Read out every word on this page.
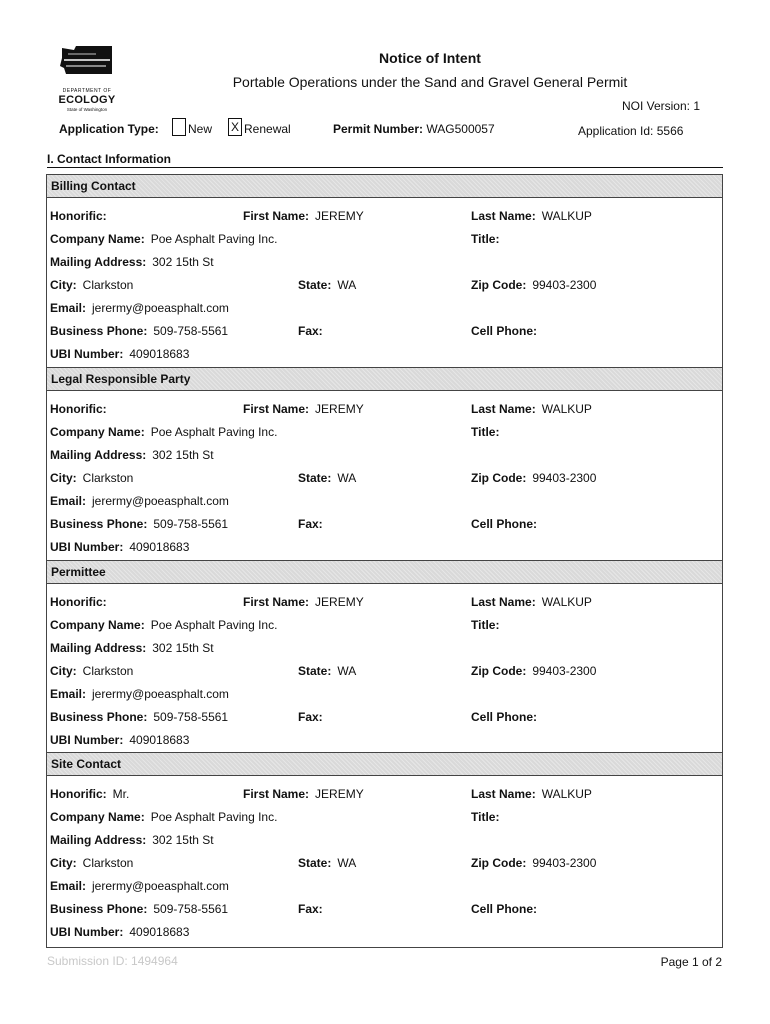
DEPARTMENT OF
ECOLOGY
State of Washington
Notice of Intent
Portable Operations under the Sand and Gravel General Permit
NOI Version: 1
Application Type: New X Renewal	Permit Number: WAG500057	Application Id: 5566
I. Contact Information
Billing Contact
Honorific:	First Name: JEREMY	Last Name: WALKUP
Company Name: Poe Asphalt Paving Inc.	Title:
Mailing Address: 302 15th St
City: Clarkston	State: WA	Zip Code: 99403-2300
Email: jerermy@poeasphalt.com
Business Phone: 509-758-5561	Fax:	Cell Phone:
UBI Number: 409018683
Legal Responsible Party
Honorific:	First Name: JEREMY	Last Name: WALKUP
Company Name: Poe Asphalt Paving Inc.	Title:
Mailing Address: 302 15th St
City: Clarkston	State: WA	Zip Code: 99403-2300
Email: jerermy@poeasphalt.com
Business Phone: 509-758-5561	Fax:	Cell Phone:
UBI Number: 409018683
Permittee
Honorific:	First Name: JEREMY	Last Name: WALKUP
Company Name: Poe Asphalt Paving Inc.	Title:
Mailing Address: 302 15th St
City: Clarkston	State: WA	Zip Code: 99403-2300
Email: jerermy@poeasphalt.com
Business Phone: 509-758-5561	Fax:	Cell Phone:
UBI Number: 409018683
Site Contact
Honorific: Mr.	First Name: JEREMY	Last Name: WALKUP
Company Name: Poe Asphalt Paving Inc.	Title:
Mailing Address: 302 15th St
City: Clarkston	State: WA	Zip Code: 99403-2300
Email: jerermy@poeasphalt.com
Business Phone: 509-758-5561	Fax:	Cell Phone:
UBI Number: 409018683
Submission ID: 1494964	Page 1 of 2
